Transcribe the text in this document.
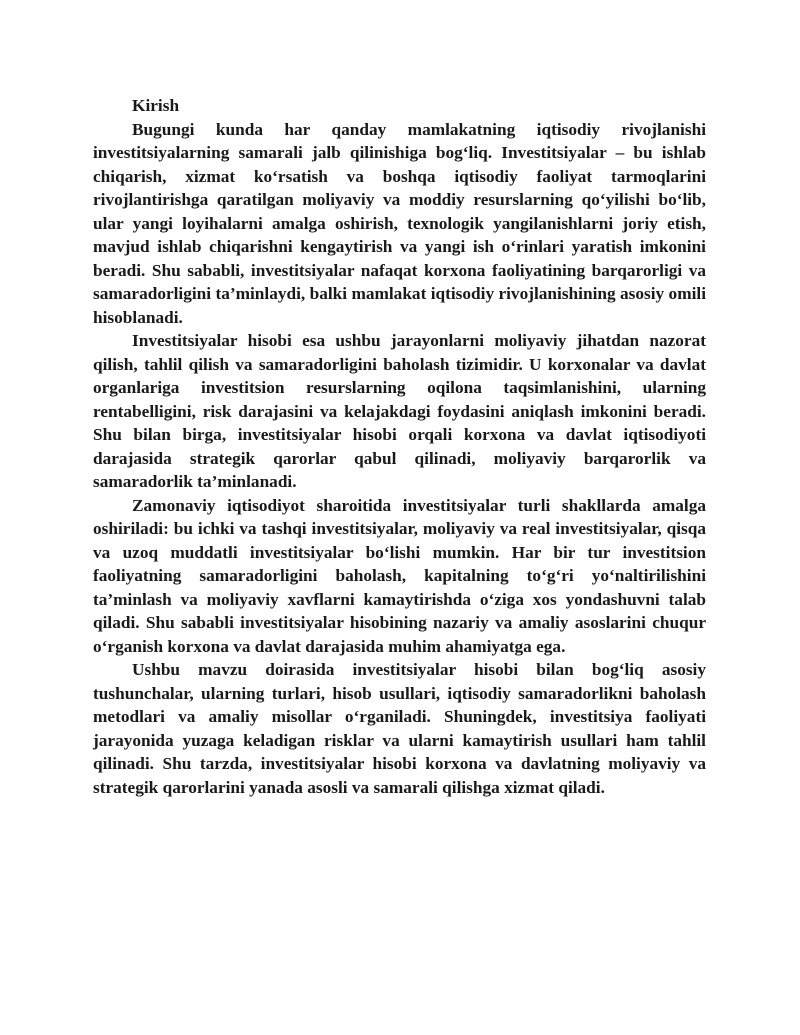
Kirish

Bugungi kunda har qanday mamlakatning iqtisodiy rivojlanishi investitsiyalarning samarali jalb qilinishiga bog‘liq. Investitsiyalar – bu ishlab chiqarish, xizmat ko‘rsatish va boshqa iqtisodiy faoliyat tarmoqlarini rivojlantirishga qaratilgan moliyaviy va moddiy resurslarning qo‘yilishi bo‘lib, ular yangi loyihalarni amalga oshirish, texnologik yangilanishlarni joriy etish, mavjud ishlab chiqarishni kengaytirish va yangi ish o‘rinlari yaratish imkonini beradi. Shu sababli, investitsiyalar nafaqat korxona faoliyatining barqarorligi va samaradorligini ta’minlaydi, balki mamlakat iqtisodiy rivojlanishining asosiy omili hisoblanadi.

Investitsiyalar hisobi esa ushbu jarayonlarni moliyaviy jihatdan nazorat qilish, tahlil qilish va samaradorligini baholash tizimidir. U korxonalar va davlat organlariga investitsion resurslarning oqilona taqsimlanishini, ularning rentabelligini, risk darajasini va kelajakdagi foydasini aniqlash imkonini beradi. Shu bilan birga, investitsiyalar hisobi orqali korxona va davlat iqtisodiyoti darajasida strategik qarorlar qabul qilinadi, moliyaviy barqarorlik va samaradorlik ta’minlanadi.

Zamonaviy iqtisodiyot sharoitida investitsiyalar turli shakllarda amalga oshiriladi: bu ichki va tashqi investitsiyalar, moliyaviy va real investitsiyalar, qisqa va uzoq muddatli investitsiyalar bo‘lishi mumkin. Har bir tur investitsion faoliyatning samaradorligini baholash, kapitalning to‘g‘ri yo‘naltirilishini ta’minlash va moliyaviy xavflarni kamaytirishda o‘ziga xos yondashuvni talab qiladi. Shu sababli investitsiyalar hisobining nazariy va amaliy asoslarini chuqur o‘rganish korxona va davlat darajasida muhim ahamiyatga ega.

Ushbu mavzu doirasida investitsiyalar hisobi bilan bog‘liq asosiy tushunchalar, ularning turlari, hisob usullari, iqtisodiy samaradorlikni baholash metodlari va amaliy misollar o‘rganiladi. Shuningdek, investitsiya faoliyati jarayonida yuzaga keladigan risklar va ularni kamaytirish usullari ham tahlil qilinadi. Shu tarzda, investitsiyalar hisobi korxona va davlatning moliyaviy va strategik qarorlarini yanada asosli va samarali qilishga xizmat qiladi.
